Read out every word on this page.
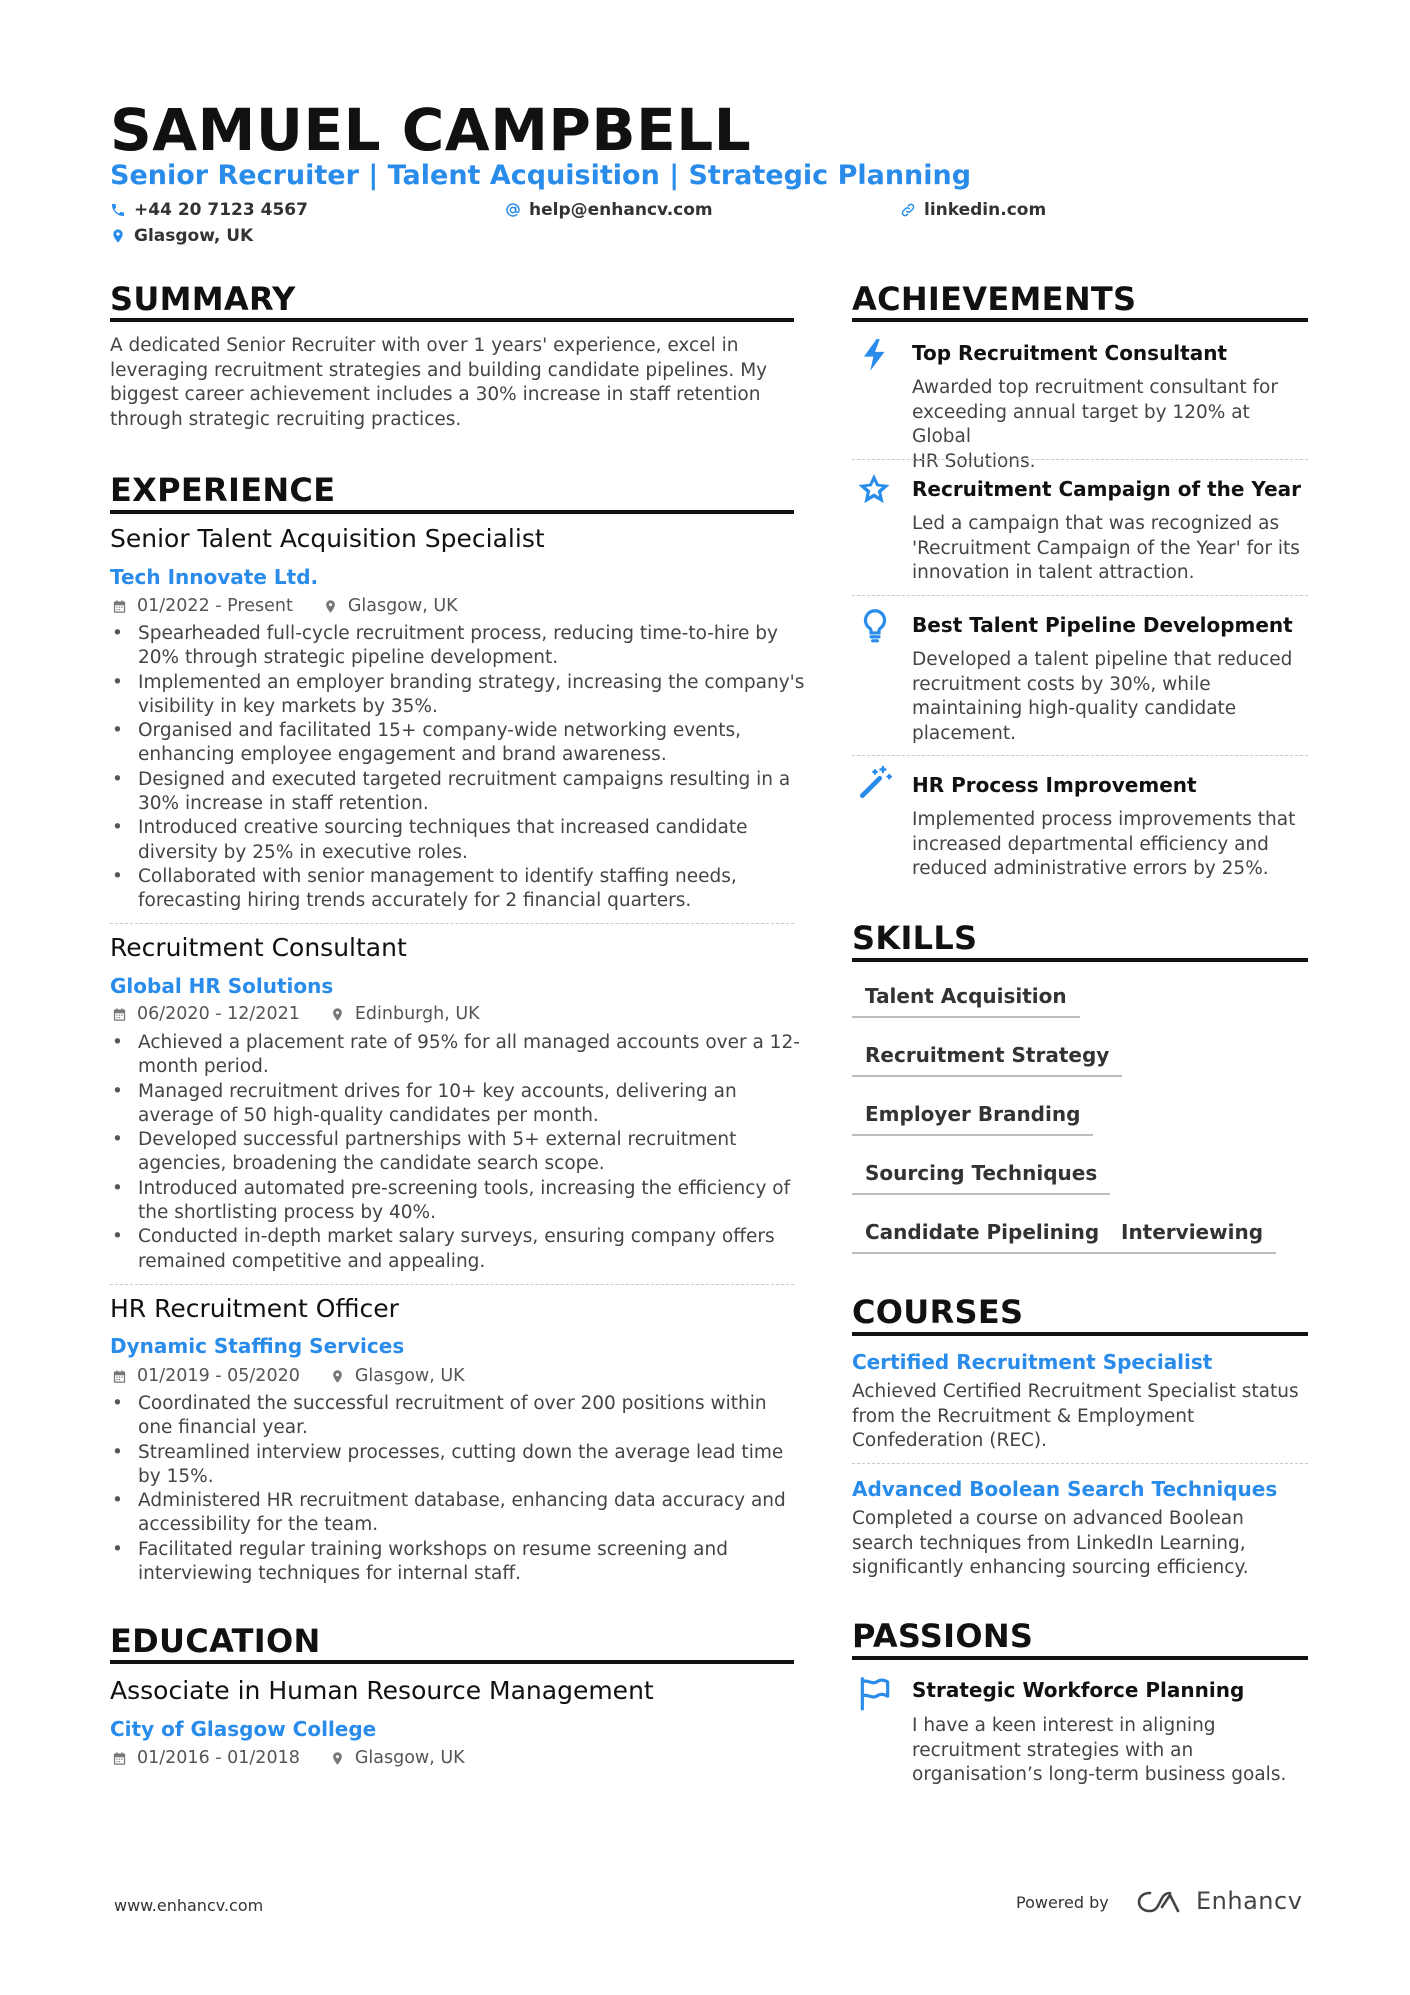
SAMUEL CAMPBELL
Senior Recruiter | Talent Acquisition | Strategic Planning
+44 20 7123 4567	help@enhancv.com	linkedin.com
Glasgow, UK
SUMMARY
A dedicated Senior Recruiter with over 1 years' experience, excel in
leveraging recruitment strategies and building candidate pipelines. My
biggest career achievement includes a 30% increase in staff retention
through strategic recruiting practices.
EXPERIENCE
Senior Talent Acquisition Specialist
Tech Innovate Ltd.
01/2022 - Present	Glasgow, UK
• Spearheaded full-cycle recruitment process, reducing time-to-hire by
20% through strategic pipeline development.
• Implemented an employer branding strategy, increasing the company's
visibility in key markets by 35%.
• Organised and facilitated 15+ company-wide networking events,
enhancing employee engagement and brand awareness.
• Designed and executed targeted recruitment campaigns resulting in a
30% increase in staff retention.
• Introduced creative sourcing techniques that increased candidate
diversity by 25% in executive roles.
• Collaborated with senior management to identify staffing needs,
forecasting hiring trends accurately for 2 financial quarters.
Recruitment Consultant
Global HR Solutions
06/2020 - 12/2021	Edinburgh, UK
• Achieved a placement rate of 95% for all managed accounts over a 12-
month period.
• Managed recruitment drives for 10+ key accounts, delivering an
average of 50 high-quality candidates per month.
• Developed successful partnerships with 5+ external recruitment
agencies, broadening the candidate search scope.
• Introduced automated pre-screening tools, increasing the efficiency of
the shortlisting process by 40%.
• Conducted in-depth market salary surveys, ensuring company offers
remained competitive and appealing.
HR Recruitment Officer
Dynamic Staffing Services
01/2019 - 05/2020	Glasgow, UK
• Coordinated the successful recruitment of over 200 positions within
one financial year.
• Streamlined interview processes, cutting down the average lead time
by 15%.
• Administered HR recruitment database, enhancing data accuracy and
accessibility for the team.
• Facilitated regular training workshops on resume screening and
interviewing techniques for internal staff.
EDUCATION
Associate in Human Resource Management
City of Glasgow College
01/2016 - 01/2018	Glasgow, UK
ACHIEVEMENTS
Top Recruitment Consultant
Awarded top recruitment consultant for
exceeding annual target by 120% at Global
HR Solutions.
Recruitment Campaign of the Year
Led a campaign that was recognized as
'Recruitment Campaign of the Year' for its
innovation in talent attraction.
Best Talent Pipeline Development
Developed a talent pipeline that reduced
recruitment costs by 30%, while
maintaining high-quality candidate
placement.
HR Process Improvement
Implemented process improvements that
increased departmental efficiency and
reduced administrative errors by 25%.
SKILLS
Talent Acquisition
Recruitment Strategy
Employer Branding
Sourcing Techniques
Candidate Pipelining	Interviewing
COURSES
Certified Recruitment Specialist
Achieved Certified Recruitment Specialist status
from the Recruitment & Employment
Confederation (REC).
Advanced Boolean Search Techniques
Completed a course on advanced Boolean
search techniques from LinkedIn Learning,
significantly enhancing sourcing efficiency.
PASSIONS
Strategic Workforce Planning
I have a keen interest in aligning
recruitment strategies with an
organisation’s long-term business goals.
www.enhancv.com	Powered by	Enhancv
